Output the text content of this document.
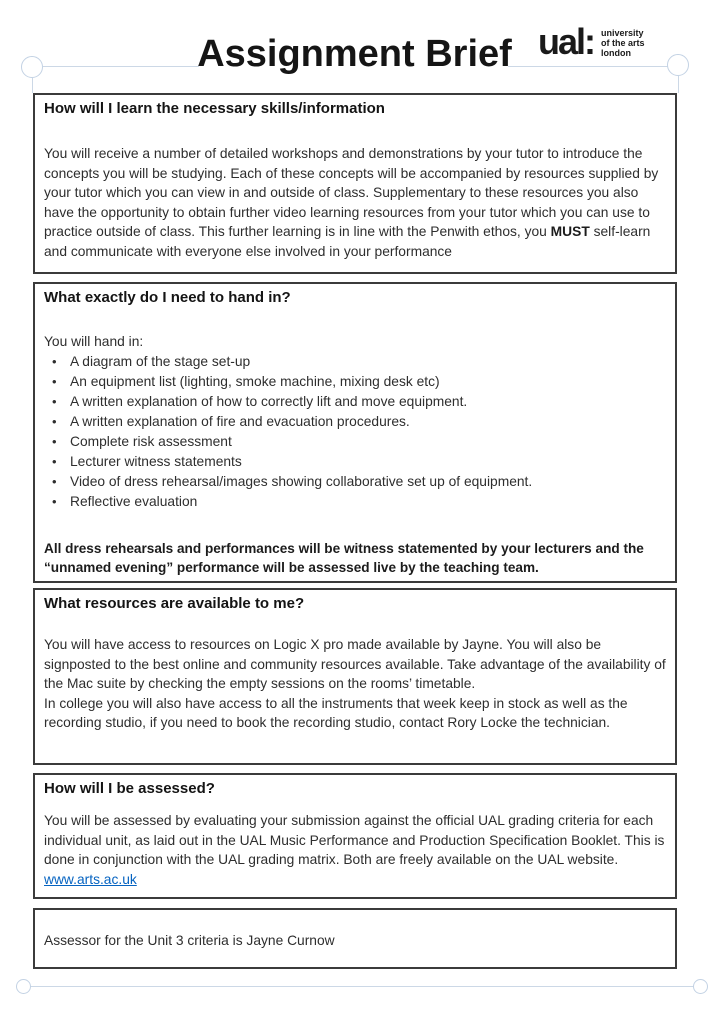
Assignment Brief ual: university
of the arts
london
How will I learn the necessary skills/information

You will receive a number of detailed workshops and demonstrations by your tutor to introduce the concepts you will be studying. Each of these concepts will be accompanied by resources supplied by your tutor which you can view in and outside of class. Supplementary to these resources you also have the opportunity to obtain further video learning resources from your tutor which you can use to practice outside of class. This further learning is in line with the Penwith ethos, you MUST self-learn and communicate with everyone else involved in your performance

What exactly do I need to hand in?

You will hand in:

• A diagram of the stage set-up
• An equipment list (lighting, smoke machine, mixing desk etc)
• A written explanation of how to correctly lift and move equipment.
• A written explanation of fire and evacuation procedures.
• Complete risk assessment
• Lecturer witness statements
• Video of dress rehearsal/images showing collaborative set up of equipment.
• Reflective evaluation

All dress rehearsals and performances will be witness statemented by your lecturers and the “unnamed evening” performance will be assessed live by the teaching team.

What resources are available to me?

You will have access to resources on Logic X pro made available by Jayne. You will also be signposted to the best online and community resources available. Take advantage of the availability of the Mac suite by checking the empty sessions on the rooms’ timetable.
In college you will also have access to all the instruments that week keep in stock as well as the recording studio, if you need to book the recording studio, contact Rory Locke the technician.

How will I be assessed?

You will be assessed by evaluating your submission against the official UAL grading criteria for each individual unit, as laid out in the UAL Music Performance and Production Specification Booklet. This is done in conjunction with the UAL grading matrix. Both are freely available on the UAL website. www.arts.ac.uk

Assessor for the Unit 3 criteria is Jayne Curnow
